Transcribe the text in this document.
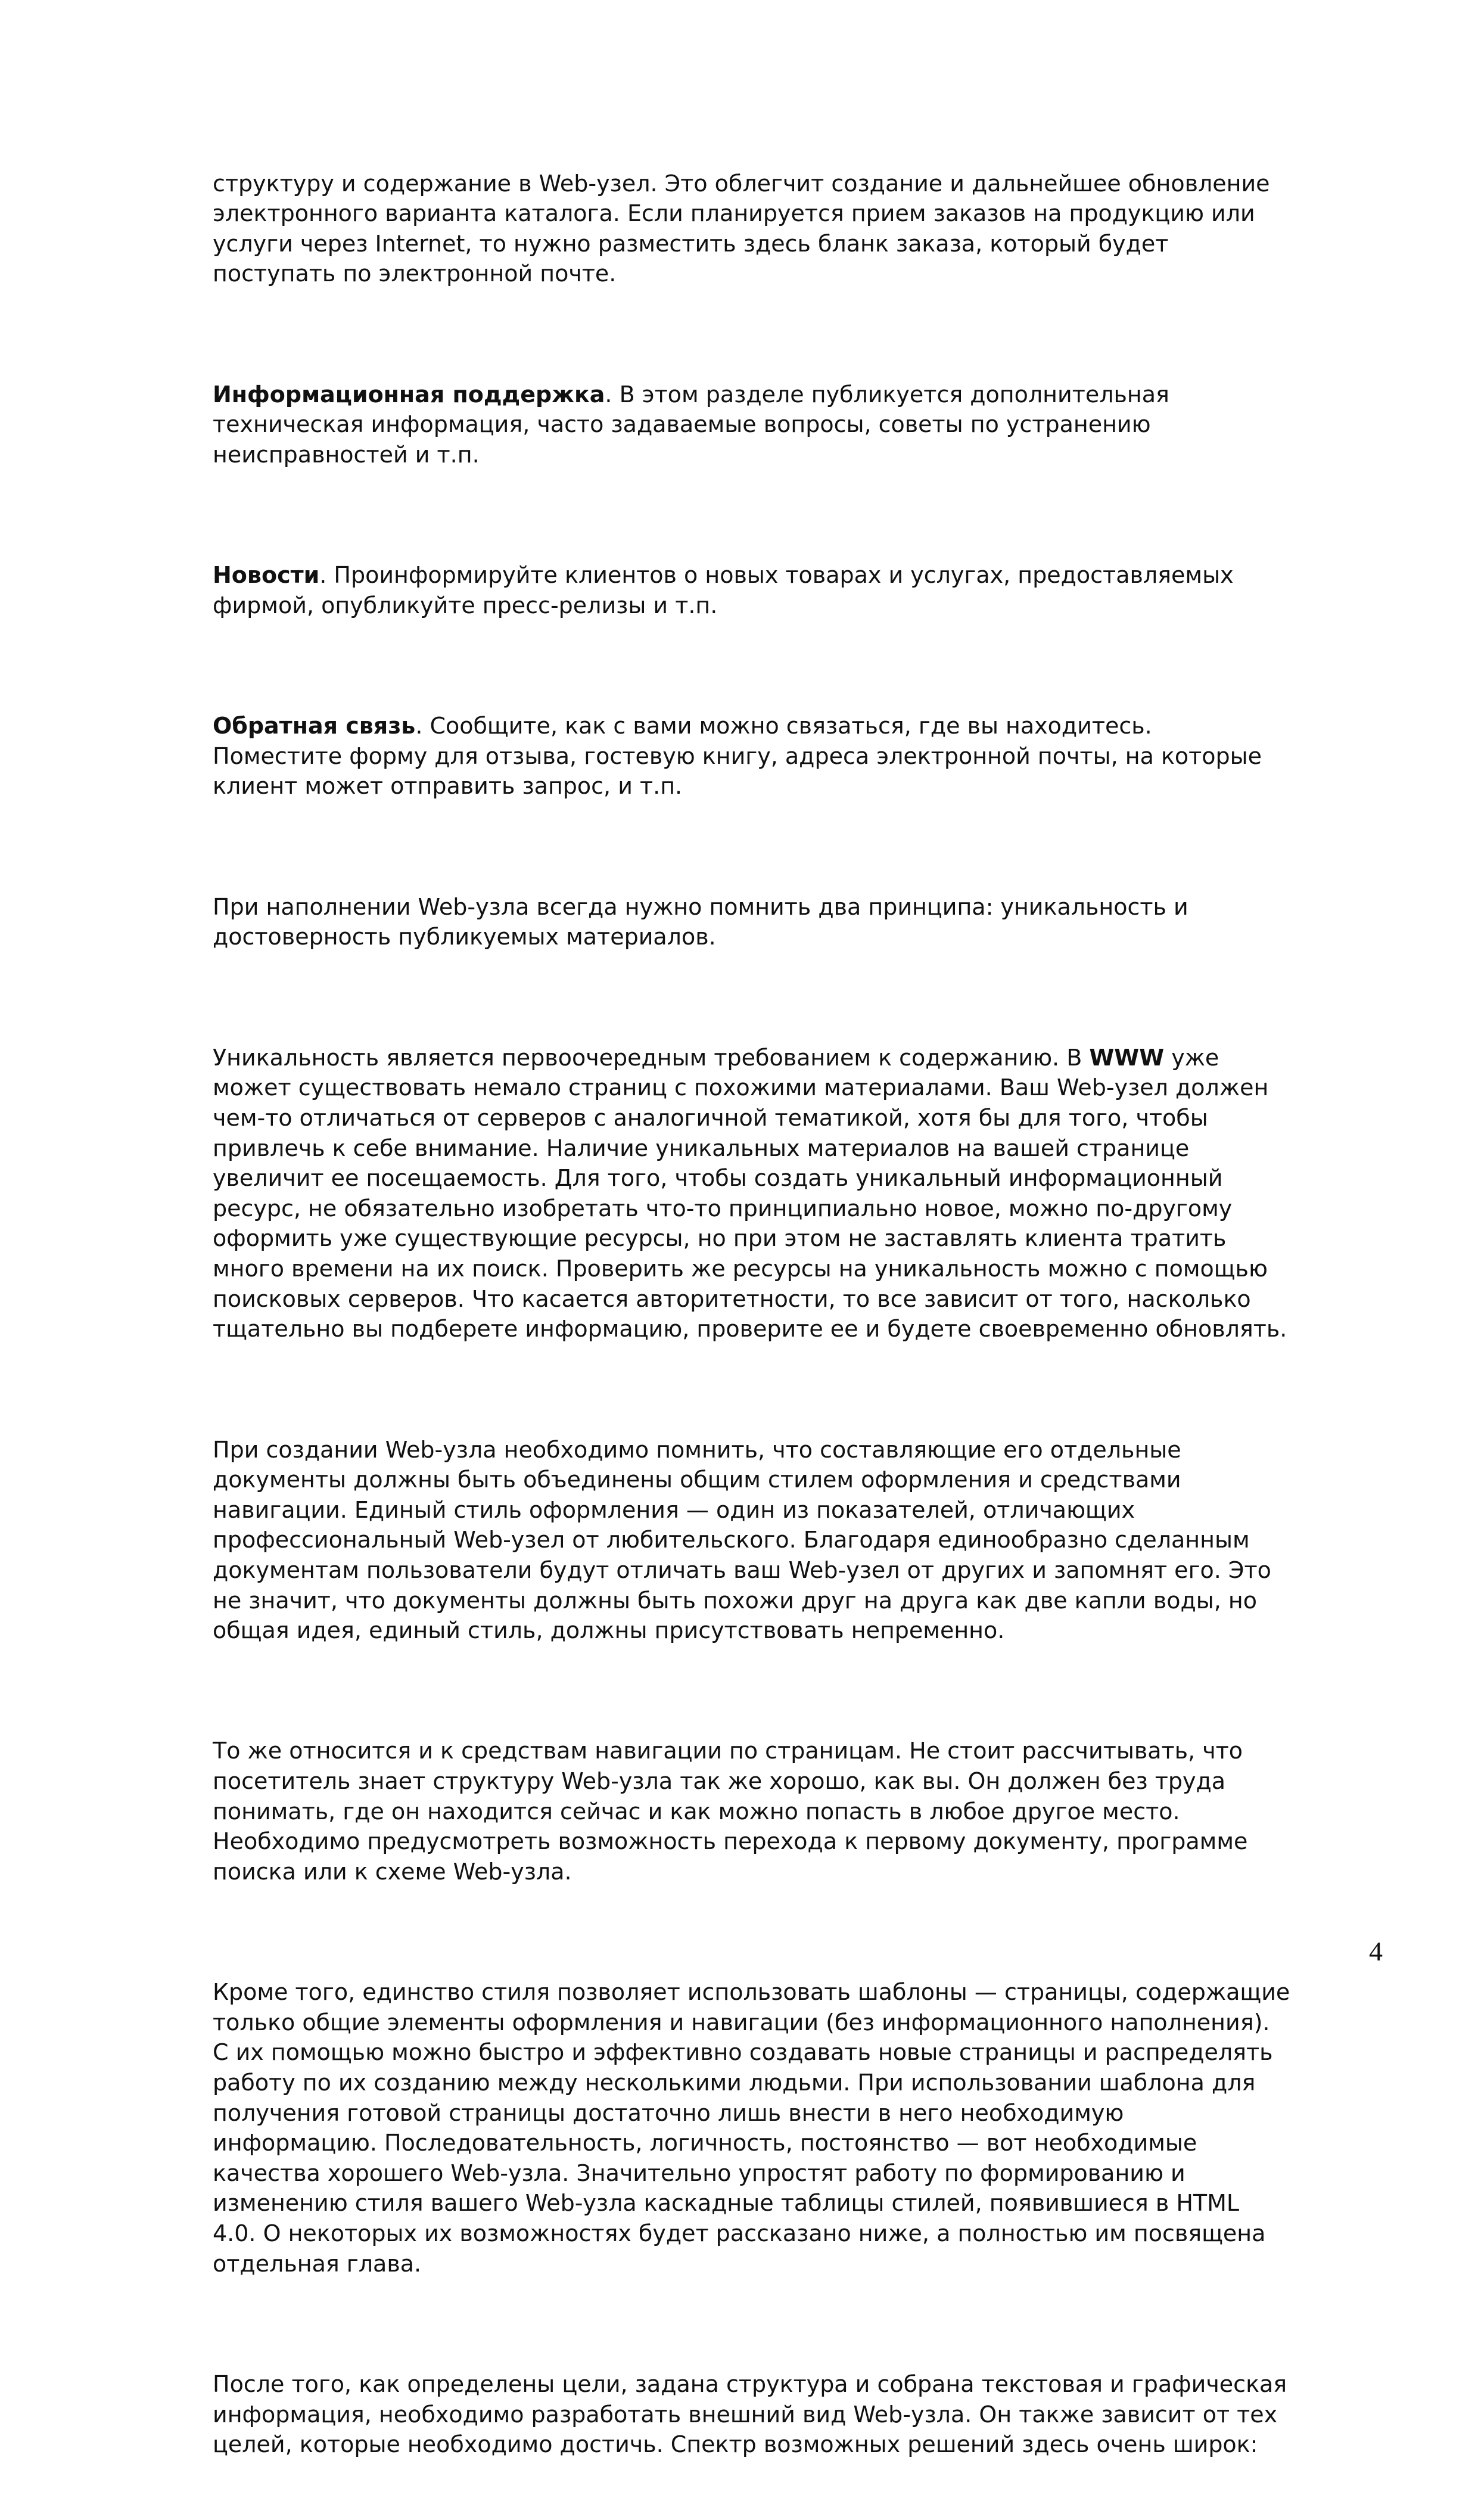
структуру и содержание в Web-узел. Это облегчит создание и дальнейшее обновление
электронного варианта каталога. Если планируется прием заказов на продукцию или
услуги через Internet, то нужно разместить здесь бланк заказа, который будет
поступать по электронной почте.

Информационная поддержка. В этом разделе публикуется дополнительная
техническая информация, часто задаваемые вопросы, советы по устранению
неисправностей и т.п.

Новости. Проинформируйте клиентов о новых товарах и услугах, предоставляемых
фирмой, опубликуйте пресс-релизы и т.п.

Обратная связь. Сообщите, как с вами можно связаться, где вы находитесь.
Поместите форму для отзыва, гостевую книгу, адреса электронной почты, на которые
клиент может отправить запрос, и т.п.

При наполнении Web-узла всегда нужно помнить два принципа: уникальность и
достоверность публикуемых материалов.

Уникальность является первоочередным требованием к содержанию. В WWW уже
может существовать немало страниц с похожими материалами. Ваш Web-узел должен
чем-то отличаться от серверов с аналогичной тематикой, хотя бы для того, чтобы
привлечь к себе внимание. Наличие уникальных материалов на вашей странице
увеличит ее посещаемость. Для того, чтобы создать уникальный информационный
ресурс, не обязательно изобретать что-то принципиально новое, можно по-другому
оформить уже существующие ресурсы, но при этом не заставлять клиента тратить
много времени на их поиск. Проверить же ресурсы на уникальность можно с помощью
поисковых серверов. Что касается авторитетности, то все зависит от того, насколько
тщательно вы подберете информацию, проверите ее и будете своевременно обновлять.

При создании Web-узла необходимо помнить, что составляющие его отдельные
документы должны быть объединены общим стилем оформления и средствами
навигации. Единый стиль оформления — один из показателей, отличающих
профессиональный Web-узел от любительского. Благодаря единообразно сделанным
документам пользователи будут отличать ваш Web-узел от других и запомнят его. Это
не значит, что документы должны быть похожи друг на друга как две капли воды, но
общая идея, единый стиль, должны присутствовать непременно.

То же относится и к средствам навигации по страницам. Не стоит рассчитывать, что
посетитель знает структуру Web-узла так же хорошо, как вы. Он должен без труда
понимать, где он находится сейчас и как можно попасть в любое другое место.
Необходимо предусмотреть возможность перехода к первому документу, программе
поиска или к схеме Web-узла.

Кроме того, единство стиля позволяет использовать шаблоны — страницы, содержащие
только общие элементы оформления и навигации (без информационного наполнения).
С их помощью можно быстро и эффективно создавать новые страницы и распределять
работу по их созданию между несколькими людьми. При использовании шаблона для
получения готовой страницы достаточно лишь внести в него необходимую
информацию. Последовательность, логичность, постоянство — вот необходимые
качества хорошего Web-узла. Значительно упростят работу по формированию и
изменению стиля вашего Web-узла каскадные таблицы стилей, появившиеся в HTML
4.0. О некоторых их возможностях будет рассказано ниже, а полностью им посвящена
отдельная глава.

После того, как определены цели, задана структура и собрана текстовая и графическая
информация, необходимо разработать внешний вид Web-узла. Он также зависит от тех
целей, которые необходимо достичь. Спектр возможных решений здесь очень широк:

4
